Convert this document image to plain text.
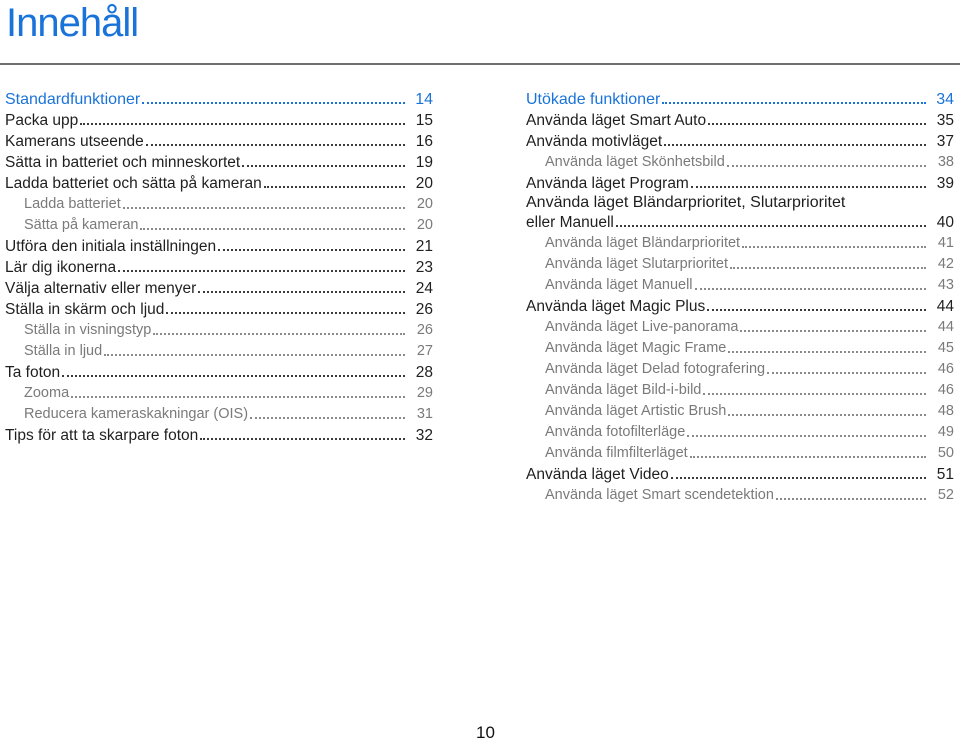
Innehåll
Standardfunktioner	14
Packa upp	15
Kamerans utseende	16
Sätta in batteriet och minneskortet	19
Ladda batteriet och sätta på kameran	20
Ladda batteriet	20
Sätta på kameran	20
Utföra den initiala inställningen	21
Lär dig ikonerna	23
Välja alternativ eller menyer	24
Ställa in skärm och ljud	26
Ställa in visningstyp	26
Ställa in ljud	27
Ta foton	28
Zooma	29
Reducera kameraskakningar (OIS)	31
Tips för att ta skarpare foton	32
Utökade funktioner	34
Använda läget Smart Auto	35
Använda motivläget	37
Använda läget Skönhetsbild	38
Använda läget Program	39
Använda läget Bländarprioritet, Slutarprioritet
eller Manuell	40
Använda läget Bländarprioritet	41
Använda läget Slutarprioritet	42
Använda läget Manuell	43
Använda läget Magic Plus	44
Använda läget Live-panorama	44
Använda läget Magic Frame	45
Använda läget Delad fotografering	46
Använda läget Bild-i-bild	46
Använda läget Artistic Brush	48
Använda fotofilterläge	49
Använda filmfilterläget	50
Använda läget Video	51
Använda läget Smart scendetektion	52
10
